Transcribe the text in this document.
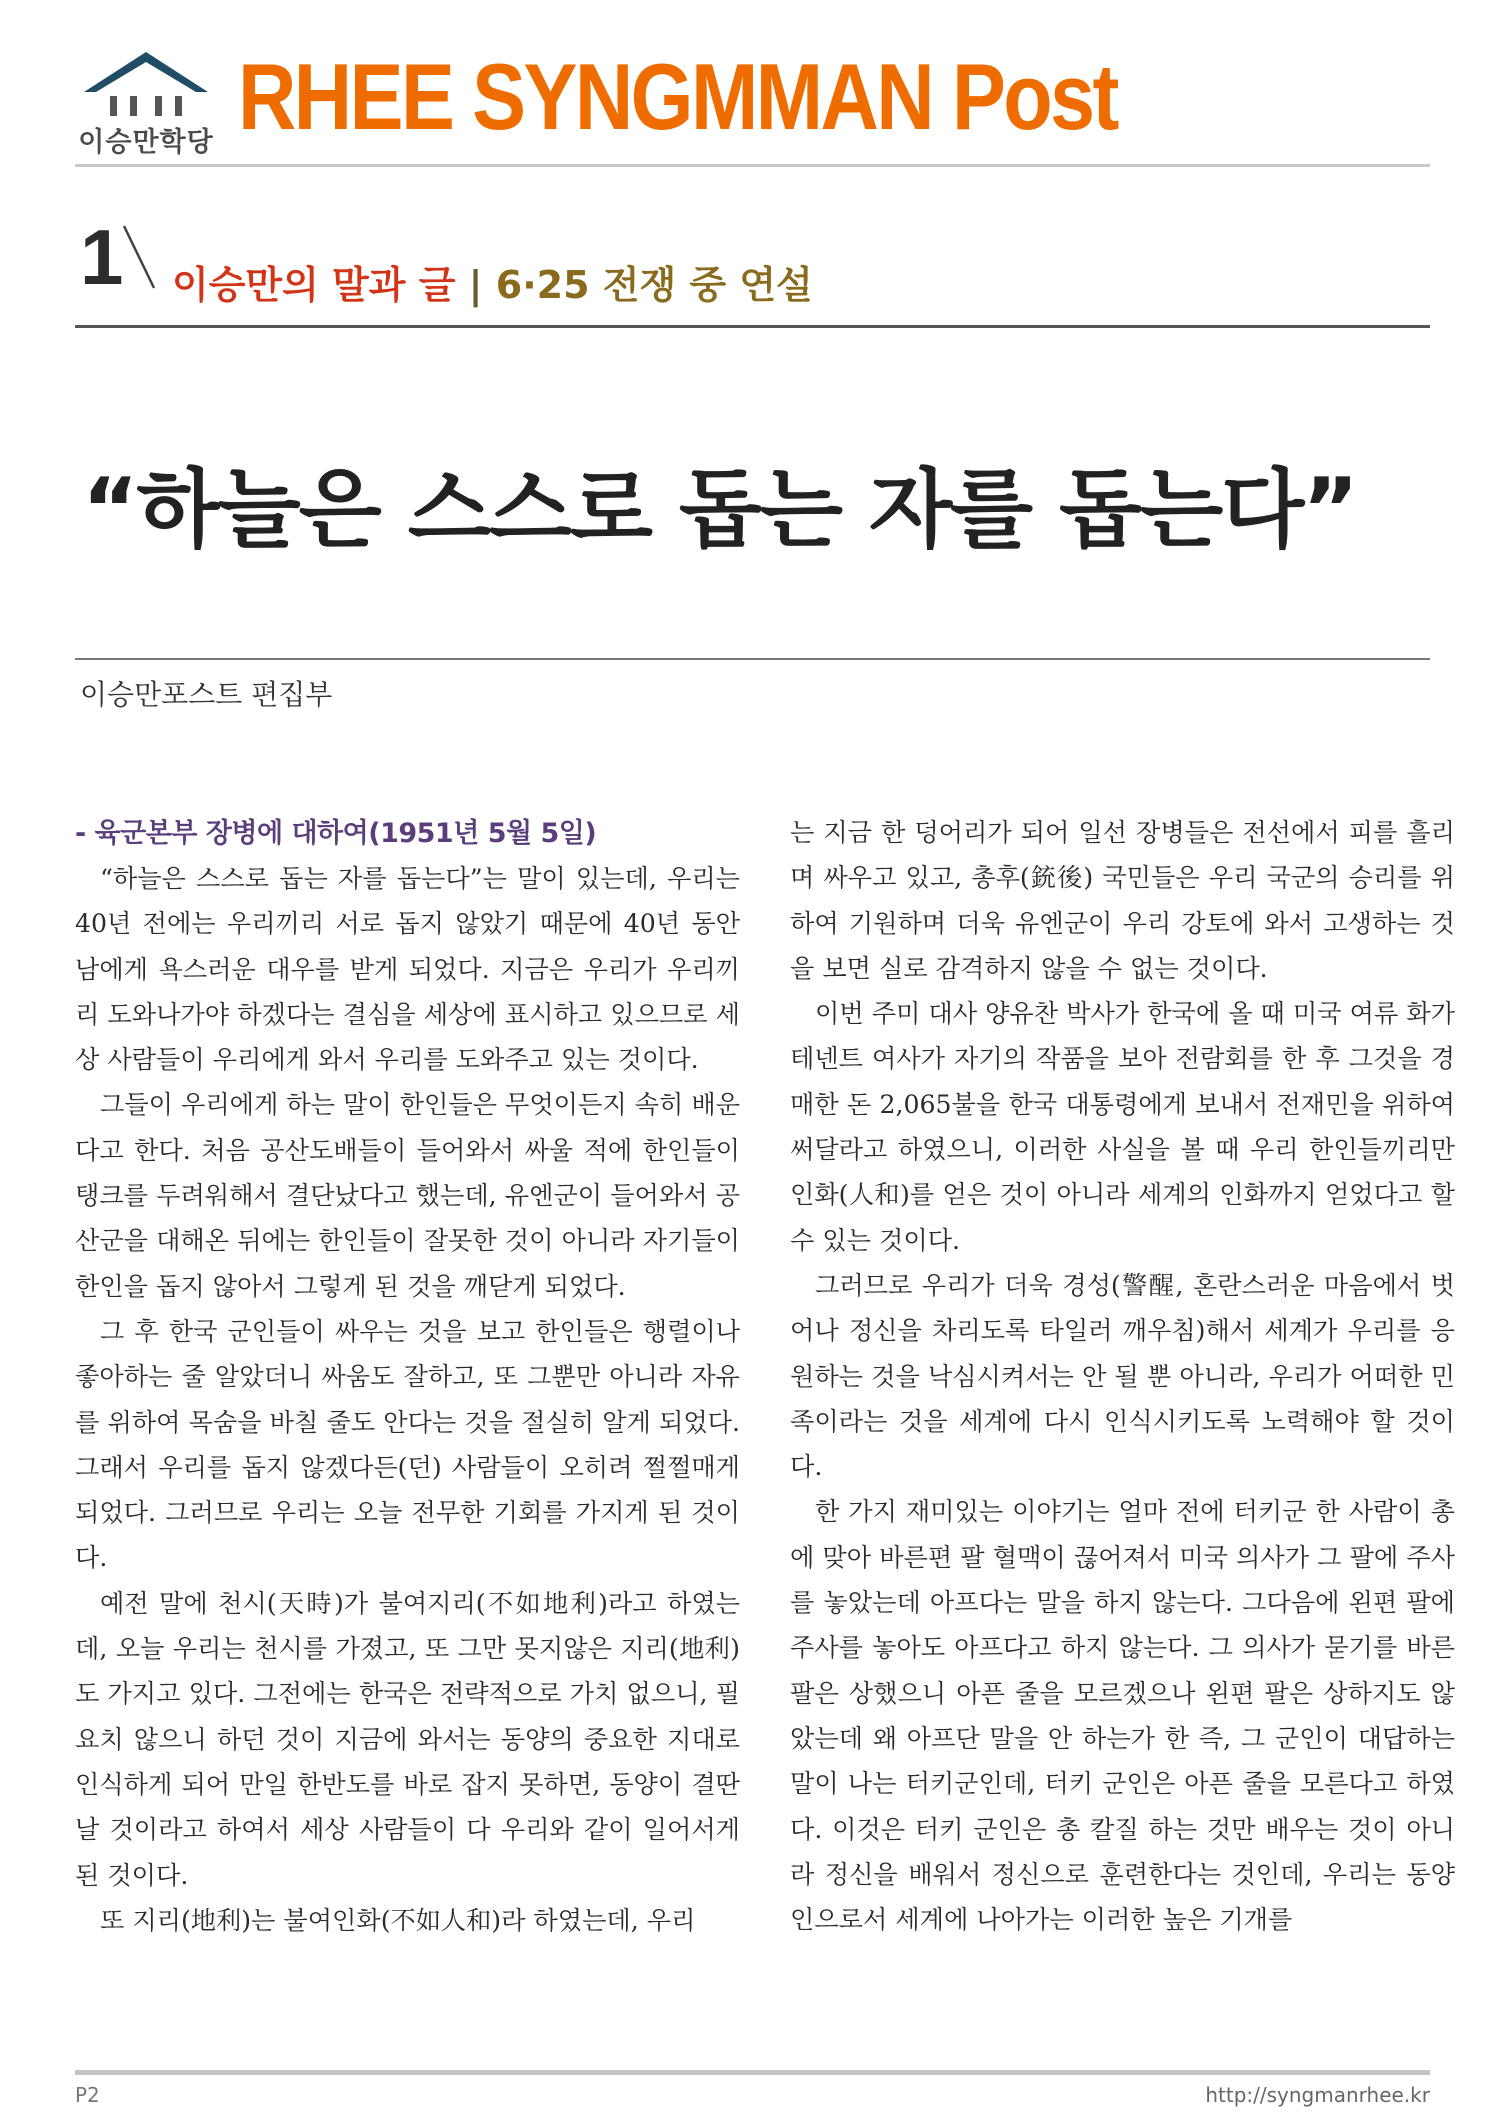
이승만학당 RHEE SYNGMMAN Post
1 이승만의 말과 글 | 6·25 전쟁 중 연설
“하늘은 스스로 돕는 자를 돕는다”
이승만포스트 편집부

- 육군본부 장병에 대하여(1951년 5월 5일)

“하늘은 스스로 돕는 자를 돕는다”는 말이 있는데, 우리는 40년 전에는 우리끼리 서로 돕지 않았기 때문에 40년 동안 남에게 욕스러운 대우를 받게 되었다. 지금은 우리가 우리끼리 도와나가야 하겠다는 결심을 세상에 표시하고 있으므로 세상 사람들이 우리에게 와서 우리를 도와주고 있는 것이다.

그들이 우리에게 하는 말이 한인들은 무엇이든지 속히 배운다고 한다. 처음 공산도배들이 들어와서 싸울 적에 한인들이 탱크를 두려워해서 결단났다고 했는데, 유엔군이 들어와서 공산군을 대해온 뒤에는 한인들이 잘못한 것이 아니라 자기들이 한인을 돕지 않아서 그렇게 된 것을 깨닫게 되었다.

그 후 한국 군인들이 싸우는 것을 보고 한인들은 행렬이나 좋아하는 줄 알았더니 싸움도 잘하고, 또 그뿐만 아니라 자유를 위하여 목숨을 바칠 줄도 안다는 것을 절실히 알게 되었다. 그래서 우리를 돕지 않겠다든(던) 사람들이 오히려 쩔쩔매게 되었다. 그러므로 우리는 오늘 전무한 기회를 가지게 된 것이다.

예전 말에 천시(天時)가 불여지리(不如地利)라고 하였는데, 오늘 우리는 천시를 가졌고, 또 그만 못지않은 지리(地利)도 가지고 있다. 그전에는 한국은 전략적으로 가치 없으니, 필요치 않으니 하던 것이 지금에 와서는 동양의 중요한 지대로 인식하게 되어 만일 한반도를 바로 잡지 못하면, 동양이 결딴날 것이라고 하여서 세상 사람들이 다 우리와 같이 일어서게 된 것이다.

또 지리(地利)는 불여인화(不如人和)라 하였는데, 우리

는 지금 한 덩어리가 되어 일선 장병들은 전선에서 피를 흘리며 싸우고 있고, 총후(銃後) 국민들은 우리 국군의 승리를 위하여 기원하며 더욱 유엔군이 우리 강토에 와서 고생하는 것을 보면 실로 감격하지 않을 수 없는 것이다.

이번 주미 대사 양유찬 박사가 한국에 올 때 미국 여류 화가 테넨트 여사가 자기의 작품을 보아 전람회를 한 후 그것을 경매한 돈 2,065불을 한국 대통령에게 보내서 전재민을 위하여 써달라고 하였으니, 이러한 사실을 볼 때 우리 한인들끼리만 인화(人和)를 얻은 것이 아니라 세계의 인화까지 얻었다고 할 수 있는 것이다.

그러므로 우리가 더욱 경성(警醒, 혼란스러운 마음에서 벗어나 정신을 차리도록 타일러 깨우침)해서 세계가 우리를 응원하는 것을 낙심시켜서는 안 될 뿐 아니라, 우리가 어떠한 민족이라는 것을 세계에 다시 인식시키도록 노력해야 할 것이다.

한 가지 재미있는 이야기는 얼마 전에 터키군 한 사람이 총에 맞아 바른편 팔 혈맥이 끊어져서 미국 의사가 그 팔에 주사를 놓았는데 아프다는 말을 하지 않는다. 그다음에 왼편 팔에 주사를 놓아도 아프다고 하지 않는다. 그 의사가 묻기를 바른팔은 상했으니 아픈 줄을 모르겠으나 왼편 팔은 상하지도 않았는데 왜 아프단 말을 안 하는가 한 즉, 그 군인이 대답하는 말이 나는 터키군인데, 터키 군인은 아픈 줄을 모른다고 하였다. 이것은 터키 군인은 총 칼질 하는 것만 배우는 것이 아니라 정신을 배워서 정신으로 훈련한다는 것인데, 우리는 동양인으로서 세계에 나아가는 이러한 높은 기개를

P2	http://syngmanrhee.kr
